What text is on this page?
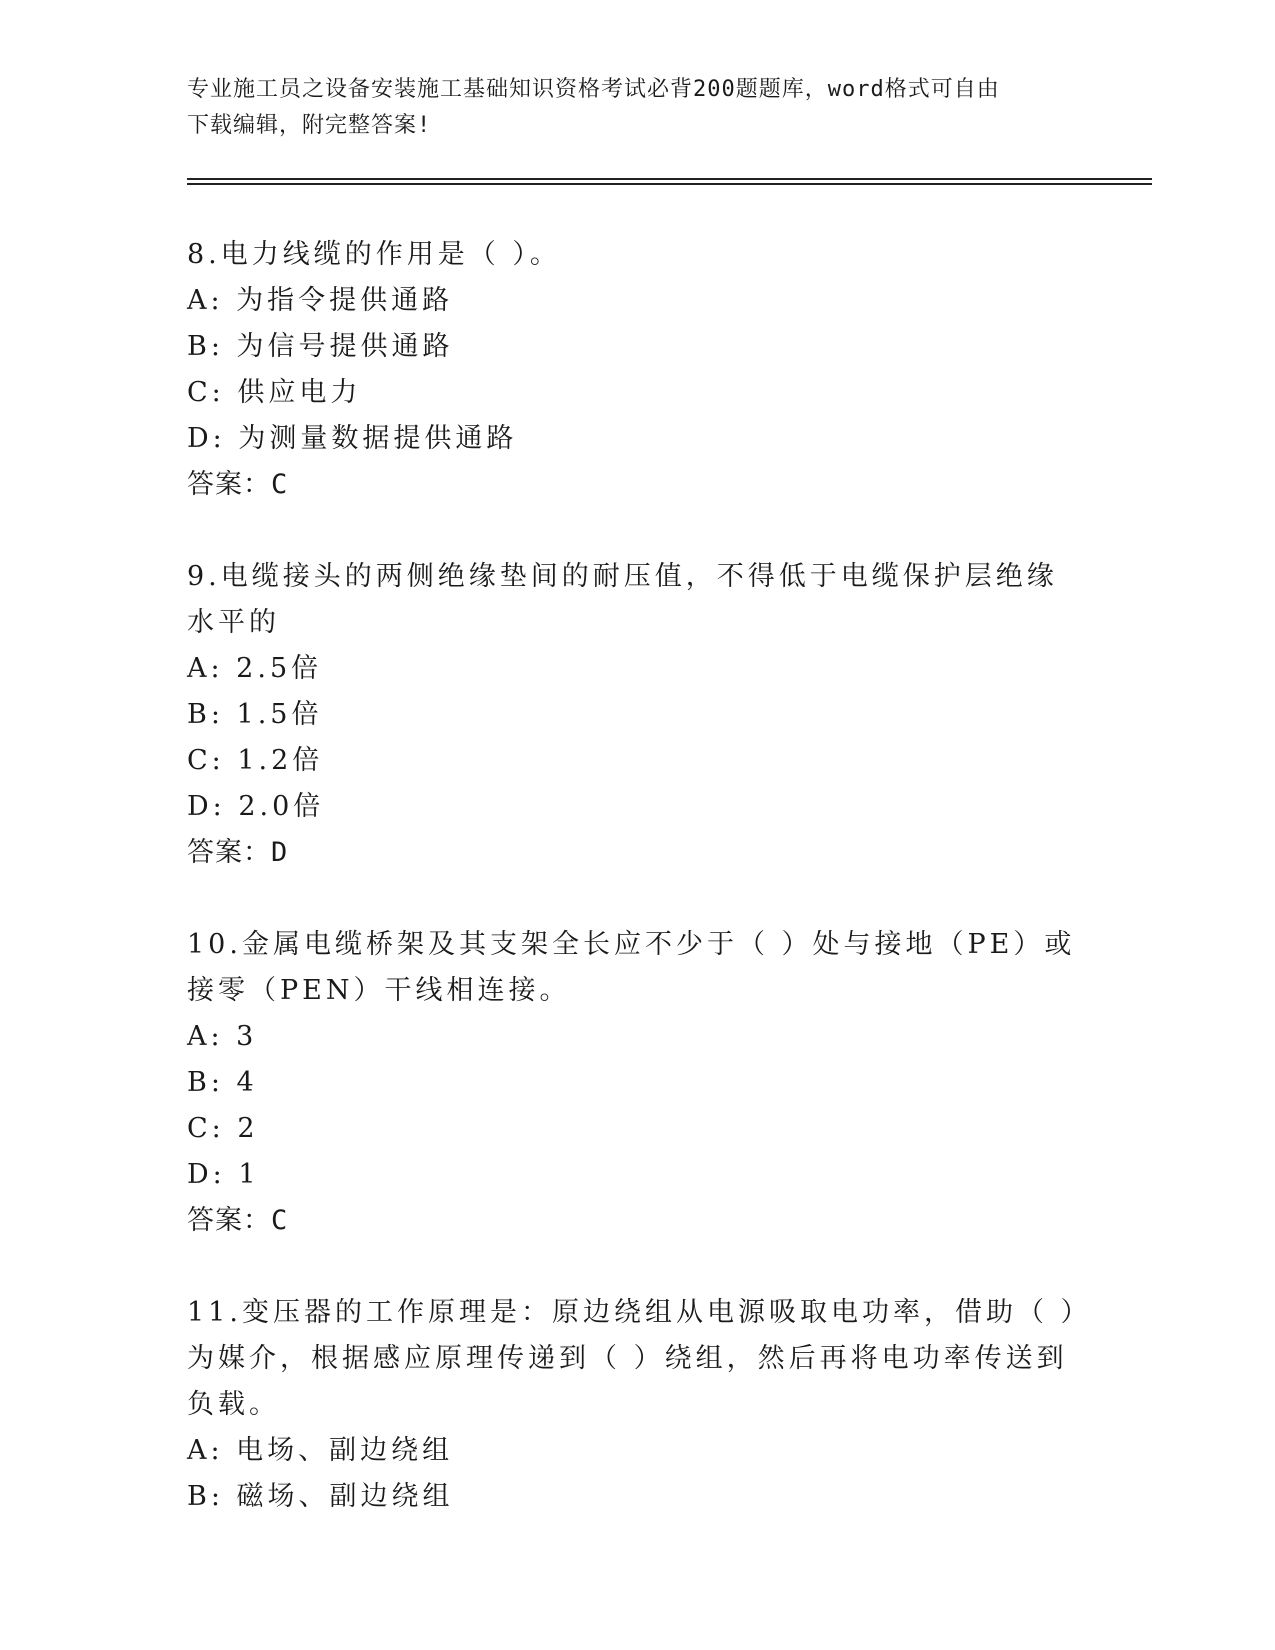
专业施工员之设备安装施工基础知识资格考试必背200题题库，word格式可自由
下载编辑，附完整答案!

8.电力线缆的作用是（ ）。

A: 为指令提供通路

B: 为信号提供通路

C: 供应电力

D: 为测量数据提供通路

答案：C

9.电缆接头的两侧绝缘垫间的耐压值，不得低于电缆保护层绝缘水平的

A: 2.5倍

B: 1.5倍

C: 1.2倍

D: 2.0倍

答案：D

10.金属电缆桥架及其支架全长应不少于（ ）处与接地（PE）或接零（PEN）干线相连接。

A: 3

B: 4

C: 2

D: 1

答案：C

11.变压器的工作原理是：原边绕组从电源吸取电功率，借助（ ）为媒介，根据感应原理传递到（ ）绕组，然后再将电功率传送到负载。

A: 电场、副边绕组

B: 磁场、副边绕组
